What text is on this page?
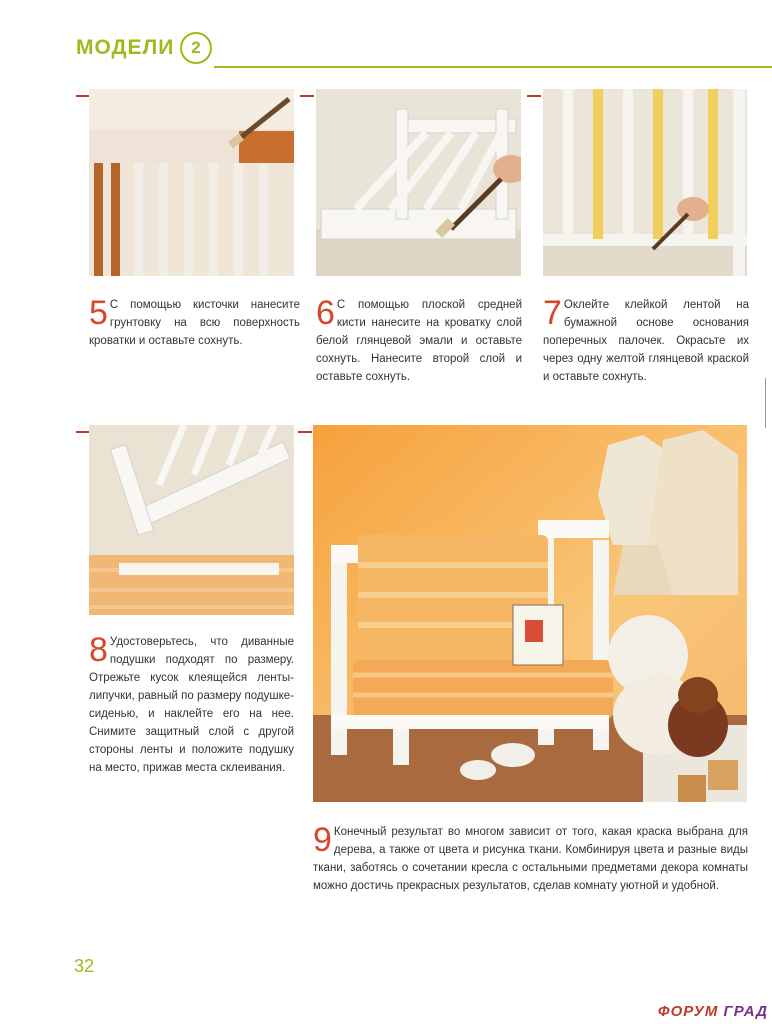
МОДЕЛИ 2
5 С помощью кисточки нанесите грунтовку на всю поверхность кроватки и оставьте сохнуть.
6 С помощью плоской средней кисти нанесите на кроватку слой белой глянцевой эмали и оставьте сохнуть. Нанесите второй слой и оставьте сохнуть.
7 Оклейте клейкой лентой на бумажной основе основания поперечных палочек. Окрасьте их через одну желтой глянцевой краской и оставьте сохнуть.
8 Удостоверьтесь, что диванные подушки подходят по размеру. Отрежьте кусок клеящейся ленты-липучки, равный по размеру подушке-сиденью, и наклейте его на нее. Снимите защитный слой с другой стороны ленты и положите подушку на место, прижав места склеивания.
9 Конечный результат во многом зависит от того, какая краска выбрана для дерева, а также от цвета и рисунка ткани. Комбинируя цвета и разные виды ткани, заботясь о сочетании кресла с остальными предметами декора комнаты можно достичь прекрасных результатов, сделав комнату уютной и удобной.
32
ФОРУМ ГРАД
